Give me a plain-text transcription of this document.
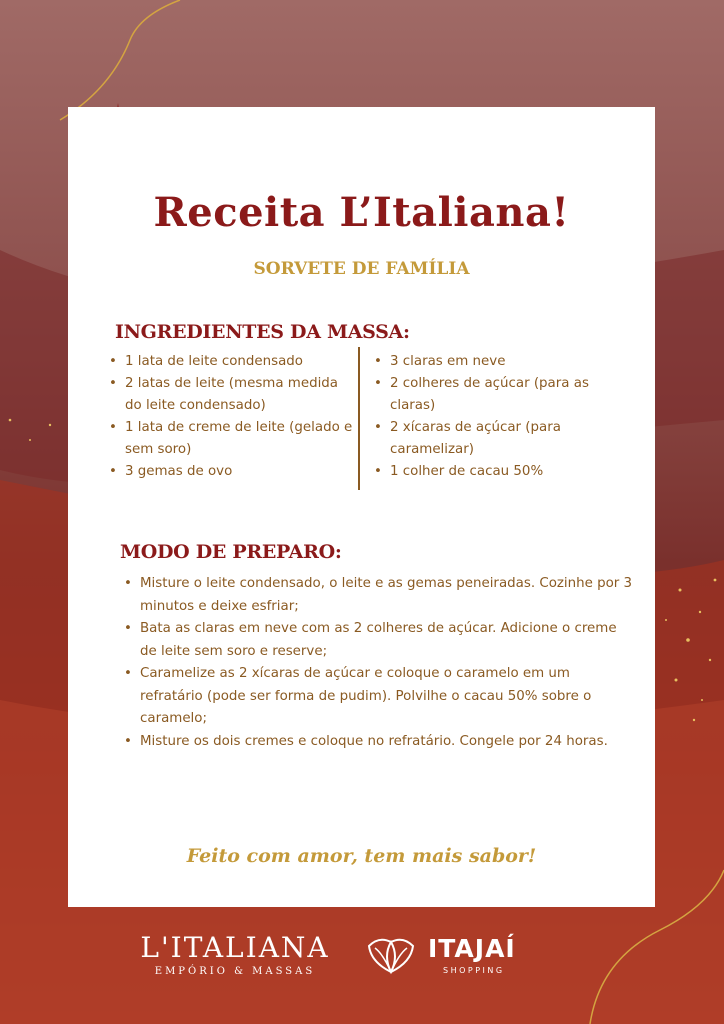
Receita L’Italiana!
SORVETE DE FAMÍLIA
INGREDIENTES DA MASSA:
• 1 lata de leite condensado
• 2 latas de leite (mesma medida do leite condensado)
• 1 lata de creme de leite (gelado e sem soro)
• 3 gemas de ovo
• 3 claras em neve
• 2 colheres de açúcar (para as claras)
• 2 xícaras de açúcar (para caramelizar)
• 1 colher de cacau 50%
MODO DE PREPARO:
• Misture o leite condensado, o leite e as gemas peneiradas. Cozinhe por 3 minutos e deixe esfriar;
• Bata as claras em neve com as 2 colheres de açúcar. Adicione o creme de leite sem soro e reserve;
• Caramelize as 2 xícaras de açúcar e coloque o caramelo em um refratário (pode ser forma de pudim). Polvilhe o cacau 50% sobre o caramelo;
• Misture os dois cremes e coloque no refratário. Congele por 24 horas.
Feito com amor, tem mais sabor!
L'ITALIANA
EMPÓRIO & MASSAS
ITAJAÍ
SHOPPING
